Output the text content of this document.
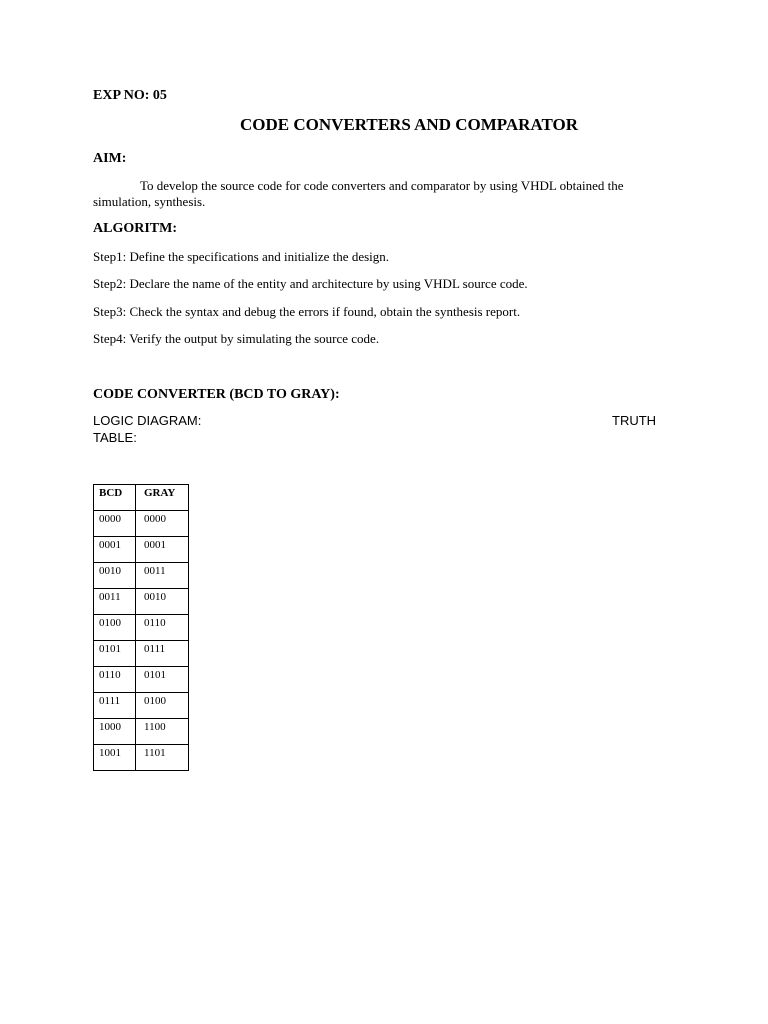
EXP NO: 05
CODE CONVERTERS AND COMPARATOR
AIM:
To develop the source code for code converters and comparator by using VHDL obtained the simulation, synthesis.
ALGORITM:
Step1: Define the specifications and initialize the design.
Step2: Declare the name of the entity and architecture by using VHDL source code.
Step3: Check the syntax and debug the errors if found, obtain the synthesis report.
Step4: Verify the output by simulating the source code.
CODE CONVERTER (BCD TO GRAY):
LOGIC DIAGRAM:	TRUTH
TABLE:
BCD	GRAY
0000	0000
0001	0001
0010	0011
0011	0010
0100	0110
0101	0111
0110	0101
0111	0100
1000	1100
1001	1101
